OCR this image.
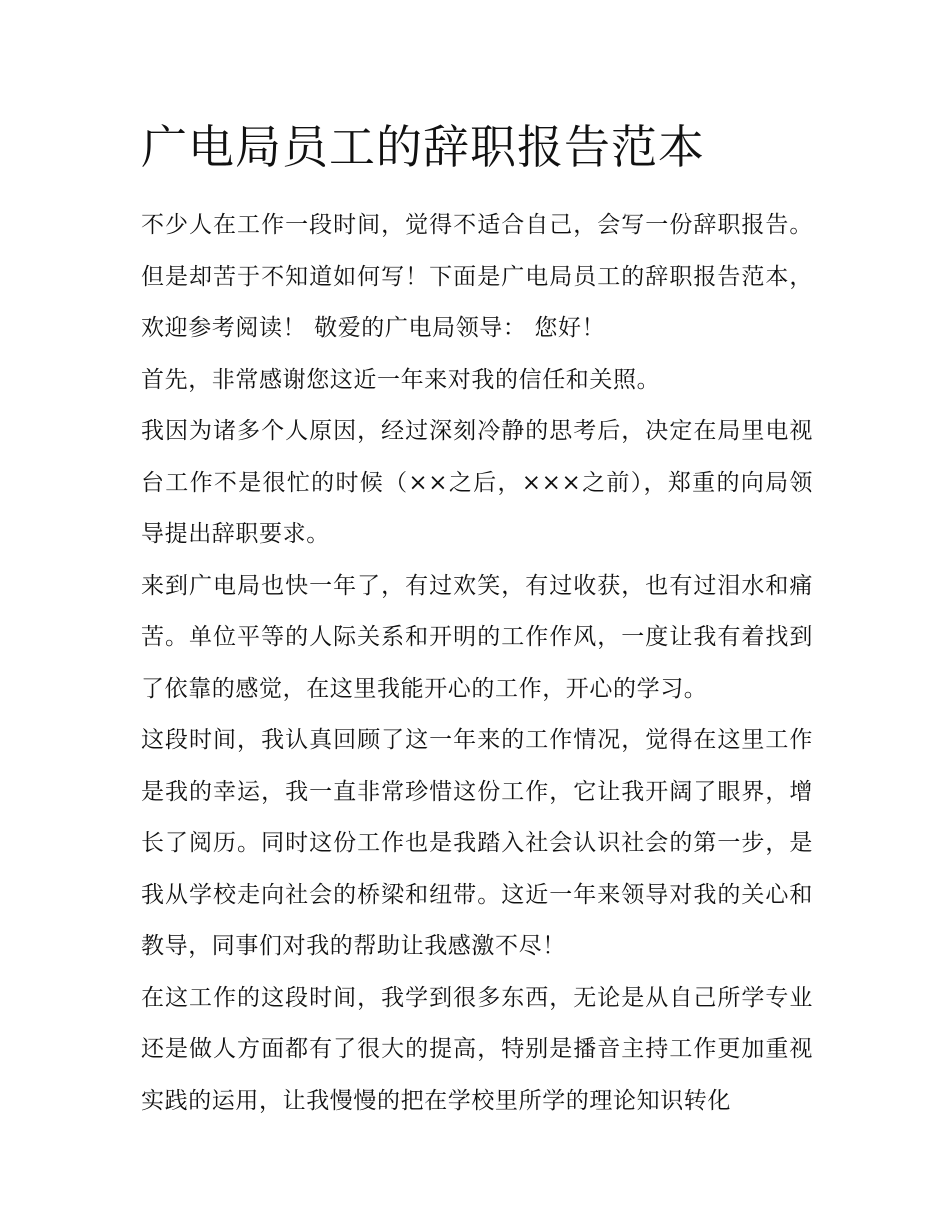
广电局员工的辞职报告范本

不少人在工作一段时间，觉得不适合自己，会写一份辞职报告。但是却苦于不知道如何写！下面是广电局员工的辞职报告范本，欢迎参考阅读！ 敬爱的广电局领导： 您好！

首先，非常感谢您这近一年来对我的信任和关照。

我因为诸多个人原因，经过深刻冷静的思考后，决定在局里电视台工作不是很忙的时候（××之后，×××之前），郑重的向局领导提出辞职要求。

来到广电局也快一年了，有过欢笑，有过收获，也有过泪水和痛苦。单位平等的人际关系和开明的工作作风，一度让我有着找到了依靠的感觉，在这里我能开心的工作，开心的学习。

这段时间，我认真回顾了这一年来的工作情况，觉得在这里工作是我的幸运，我一直非常珍惜这份工作，它让我开阔了眼界，增长了阅历。同时这份工作也是我踏入社会认识社会的第一步，是我从学校走向社会的桥梁和纽带。这近一年来领导对我的关心和教导，同事们对我的帮助让我感激不尽！

在这工作的这段时间，我学到很多东西，无论是从自己所学专业还是做人方面都有了很大的提高，特别是播音主持工作更加重视实践的运用，让我慢慢的把在学校里所学的理论知识转化
